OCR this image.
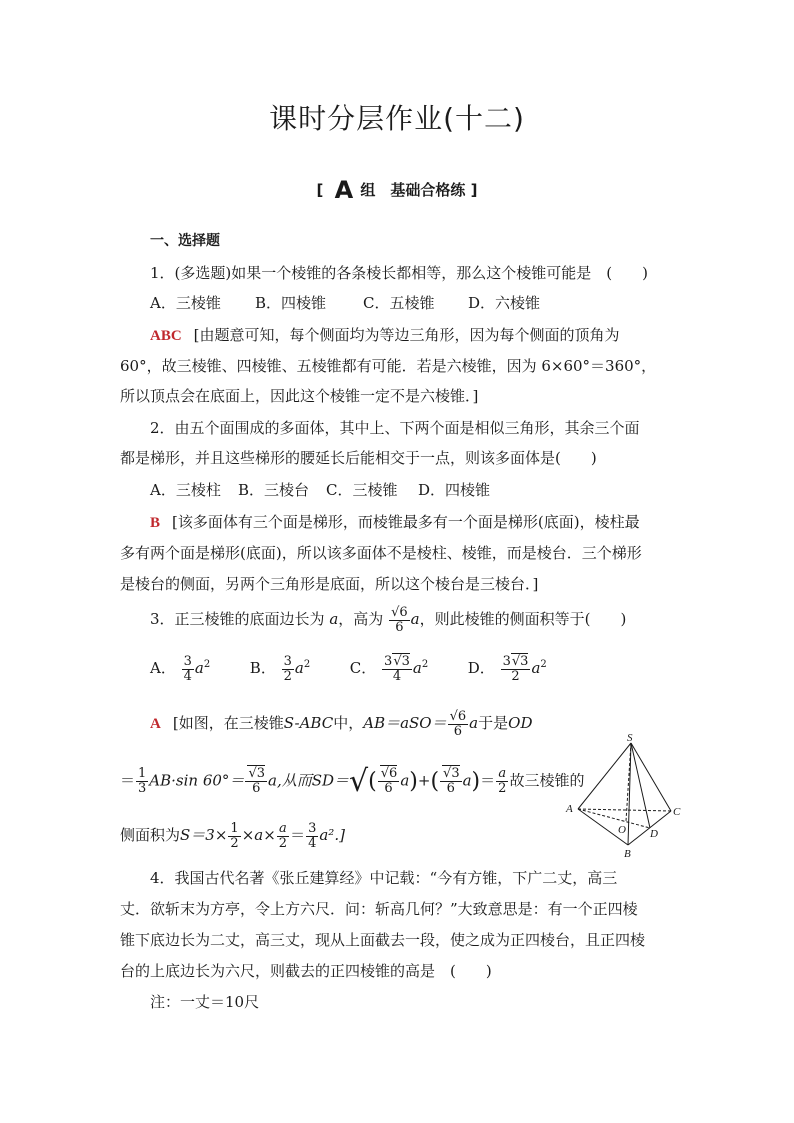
课时分层作业(十二)
[ A 组　基础合格练 ]
一、选择题
1．(多选题)如果一个棱锥的各条棱长都相等，那么这个棱锥可能是　(　　)
A．三棱锥 B．四棱锥 C．五棱锥 D．六棱锥
ABC [由题意可知，每个侧面均为等边三角形，因为每个侧面的顶角为
60°，故三棱锥、四棱锥、五棱锥都有可能．若是六棱锥，因为 6×60°＝360°，
所以顶点会在底面上，因此这个棱锥一定不是六棱锥．]
2．由五个面围成的多面体，其中上、下两个面是相似三角形，其余三个面
都是梯形，并且这些梯形的腰延长后能相交于一点，则该多面体是(　　)
A．三棱柱 B．三棱台 C．三棱锥 D．四棱锥
B [该多面体有三个面是梯形，而棱锥最多有一个面是梯形(底面)，棱柱最
多有两个面是梯形(底面)，所以该多面体不是棱柱、棱锥，而是棱台．三个梯形
是棱台的侧面，另两个三角形是底面，所以这个棱台是三棱台．]
3．正三棱锥的底面边长为 a，高为 $\frac{√6}{6}$ a，则此棱锥的侧面积等于(　　)
A． $\frac{3}{4} a^2$	B． $\frac{3}{2} a^2$	C． $\frac{3√3}{4} a^2$	D． $\frac{3√3}{2} a^2$
A [如图，在三棱锥S-ABC中，$AB=aSO= \frac{√6}{6}$ a于是OD
＝ $\frac{1}{3} AB\cdot\sin$ $60^\circ= \frac{√3}{6} a$,从而$SD=√( \frac{√6}{6} a)+( \frac{√3}{6} a)= \frac{a}{2}$ 故三棱锥的
侧面积为$S=3\times \frac{1}{2} \times a\times \frac{a}{2} = \frac{3}{4} a^2$.]
S
A
B
C
O D
4．我国古代名著《张丘建算经》中记载：“今有方锥，下广二丈，高三
丈．欲斩末为方亭，令上方六尺．问：斩高几何？”大致意思是：有一个正四棱
锥下底边长为二丈，高三丈，现从上面截去一段，使之成为正四棱台，且正四棱
台的上底边长为六尺，则截去的正四棱锥的高是　(　　)
注：一丈＝10尺
